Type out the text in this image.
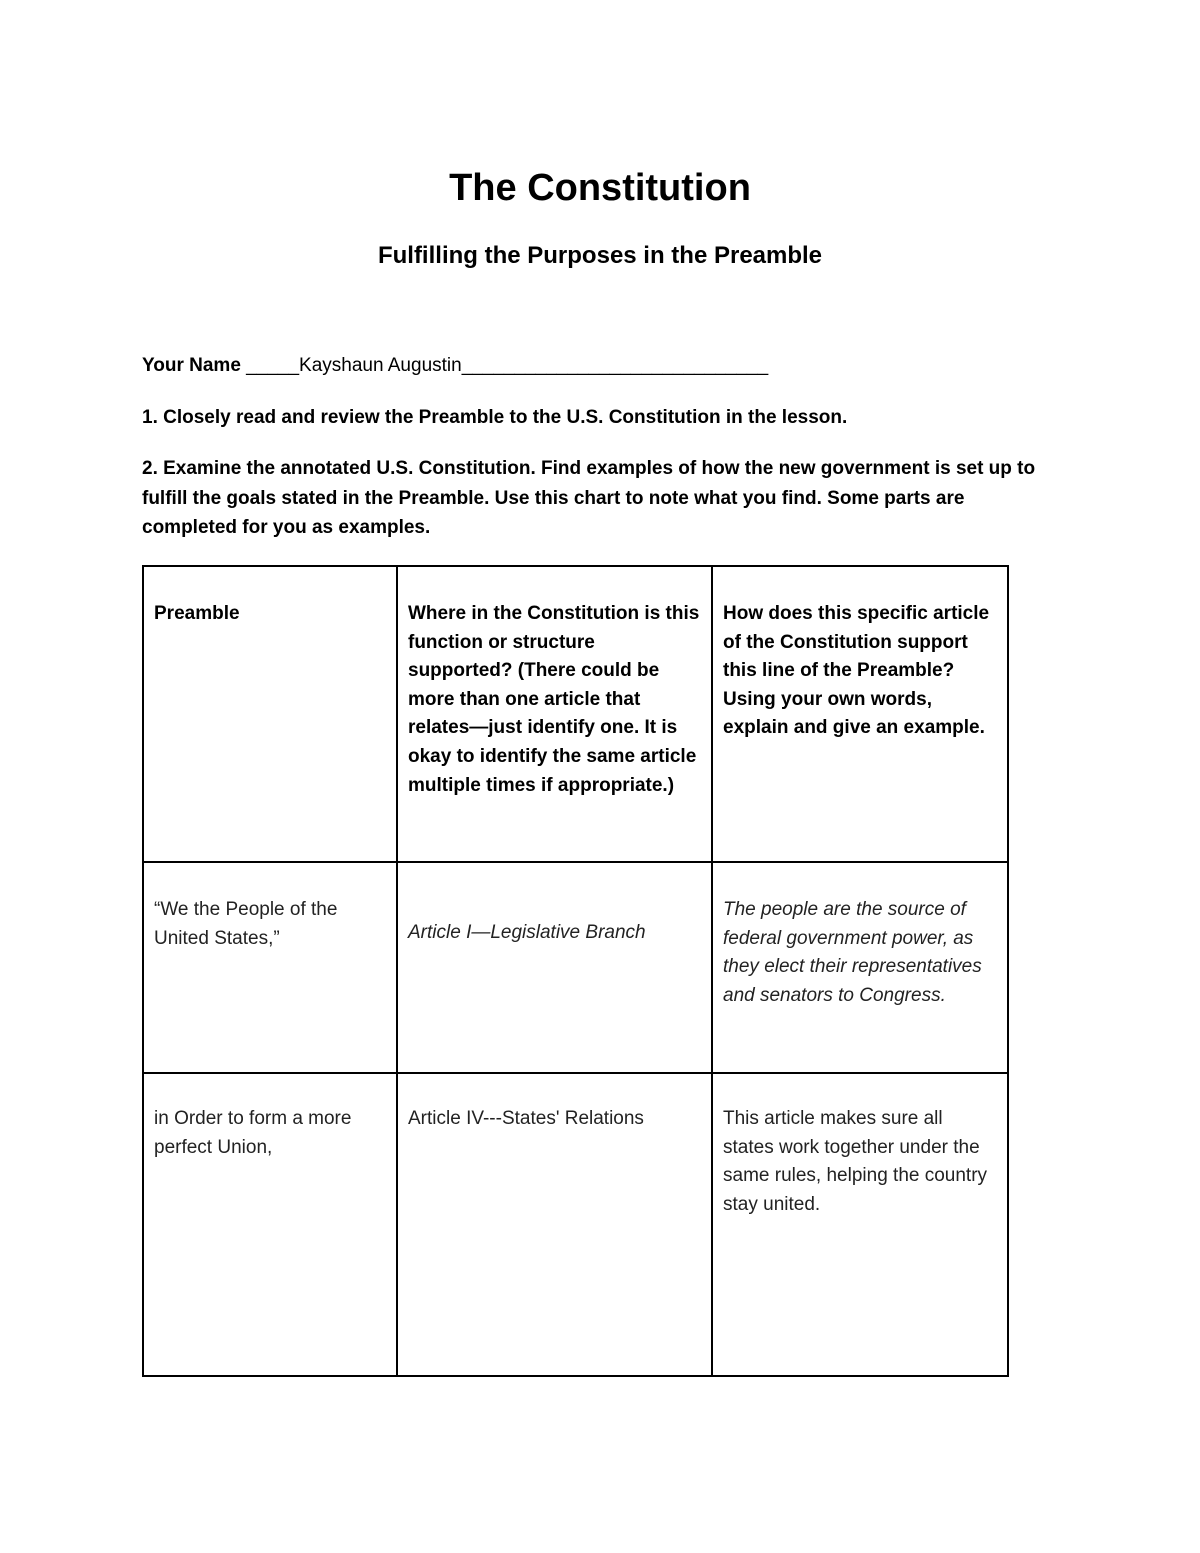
The Constitution
Fulfilling the Purposes in the Preamble
Your Name _____Kayshaun Augustin_____________________________

1. Closely read and review the Preamble to the U.S. Constitution in the lesson.

2. Examine the annotated U.S. Constitution. Find examples of how the new government is set up to fulfill the goals stated in the Preamble. Use this chart to note what you find. Some parts are completed for you as examples.

Preamble	Where in the Constitution is this function or structure supported? (There could be more than one article that relates—just identify one. It is okay to identify the same article multiple times if appropriate.)	How does this specific article of the Constitution support this line of the Preamble? Using your own words, explain and give an example.
“We the People of the United States,”	Article I—Legislative Branch	The people are the source of federal government power, as they elect their representatives and senators to Congress.
in Order to form a more perfect Union,	Article IV---States' Relations	This article makes sure all states work together under the same rules, helping the country stay united.
